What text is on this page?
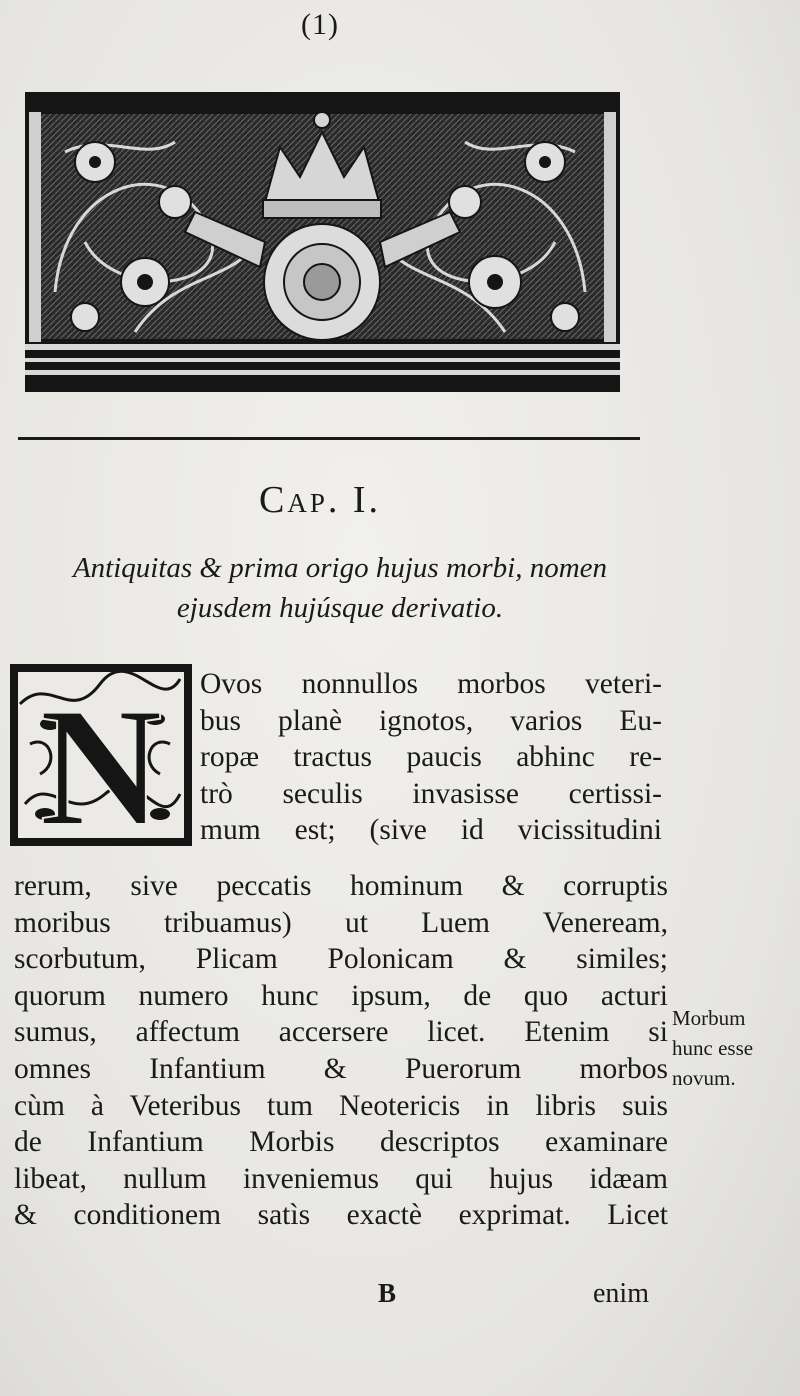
(1)
Cap. I.
Antiquitas & prima origo hujus morbi, nomen
ejusdem hujúsque derivatio.
N Ovos nonnullos morbos veteri-
bus planè ignotos, varios Eu-
ropæ tractus paucis abhinc re-
trò seculis invasisse certissi-
mum est; (sive id vicissitudini
rerum, sive peccatis hominum & corruptis
moribus tribuamus) ut Luem Veneream,
scorbutum, Plicam Polonicam & similes;
quorum numero hunc ipsum, de quo acturi
sumus, affectum accersere licet. Etenim si
omnes Infantium & Puerorum morbos
cùm à Veteribus tum Neotericis in libris suis
de Infantium Morbis descriptos examinare
libeat, nullum inveniemus qui hujus idæam
& conditionem satìs exactè exprimat. Licet
Morbum
hunc esse
novum.
B	enim
